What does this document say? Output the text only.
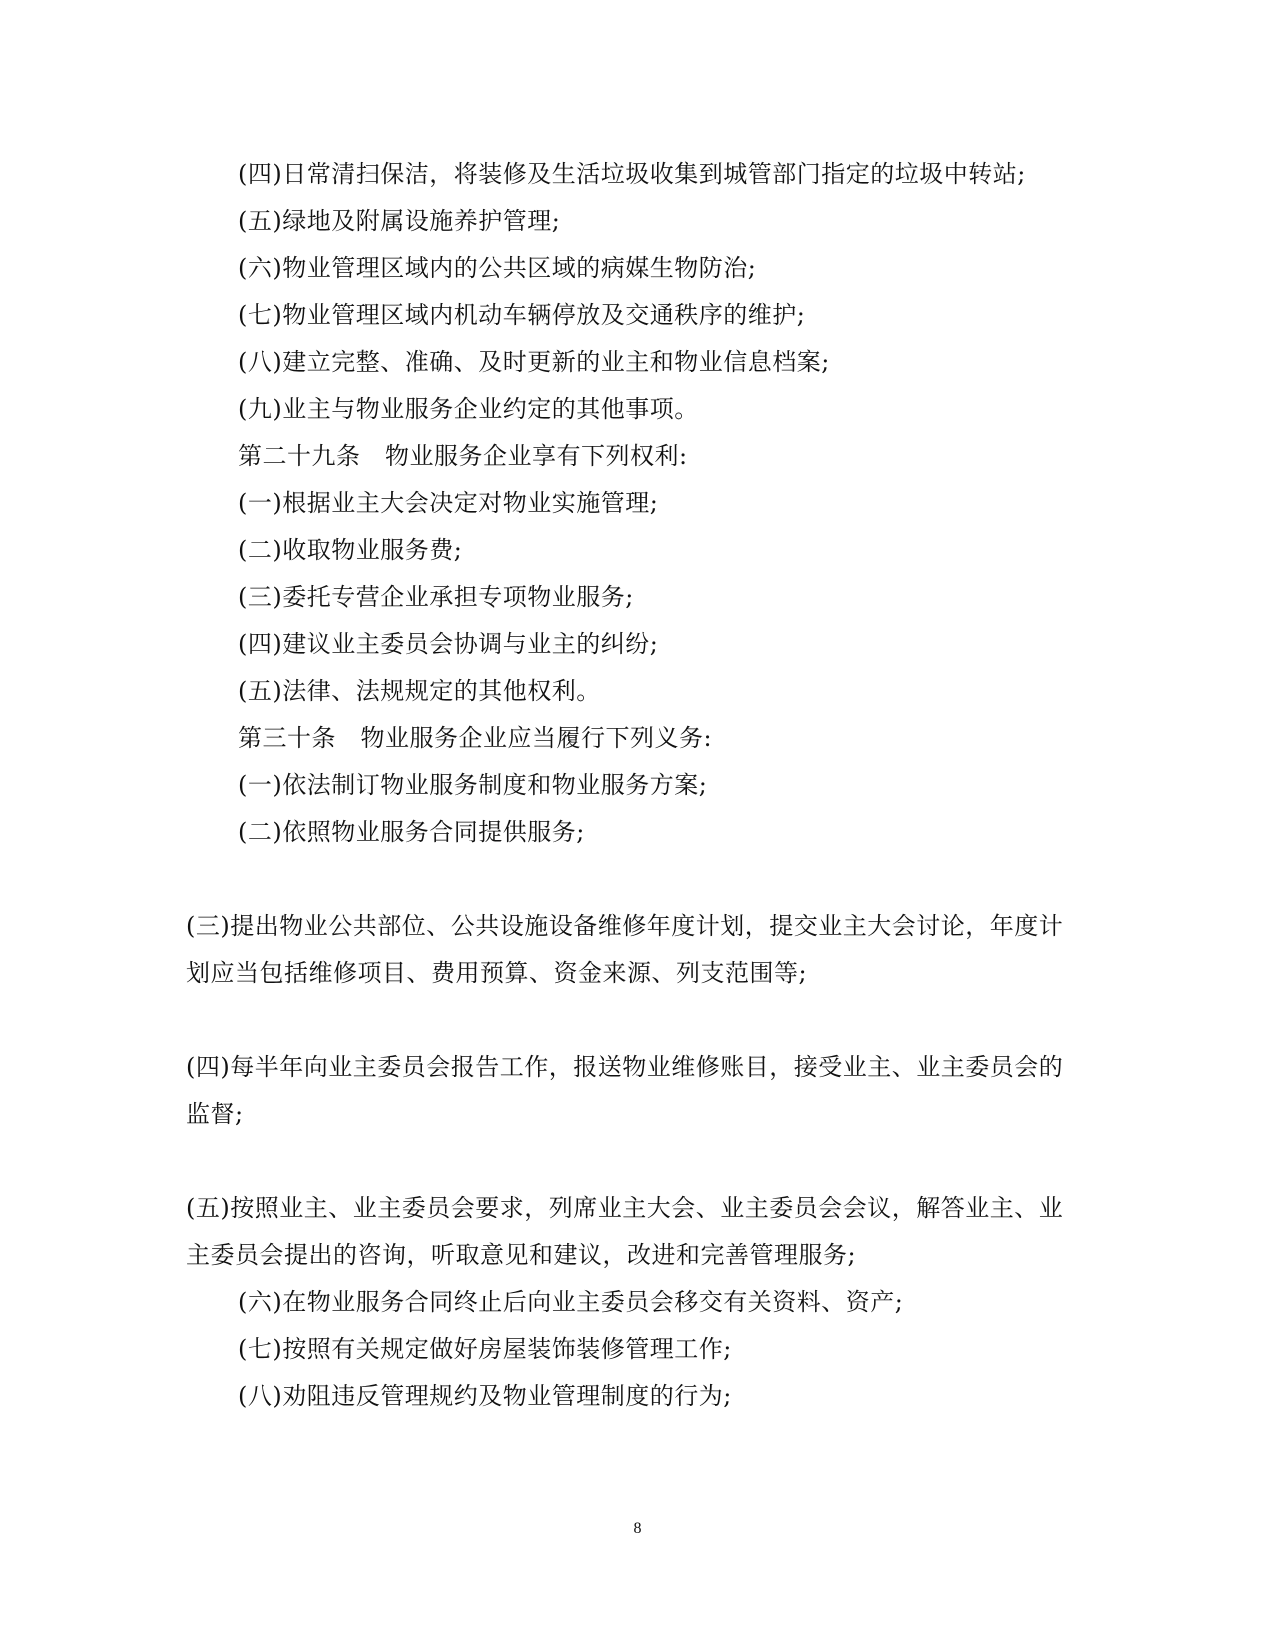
(四)日常清扫保洁，将装修及生活垃圾收集到城管部门指定的垃圾中转站;
(五)绿地及附属设施养护管理;
(六)物业管理区域内的公共区域的病媒生物防治;
(七)物业管理区域内机动车辆停放及交通秩序的维护;
(八)建立完整、准确、及时更新的业主和物业信息档案;
(九)业主与物业服务企业约定的其他事项。
第二十九条　物业服务企业享有下列权利:
(一)根据业主大会决定对物业实施管理;
(二)收取物业服务费;
(三)委托专营企业承担专项物业服务;
(四)建议业主委员会协调与业主的纠纷;
(五)法律、法规规定的其他权利。
第三十条　物业服务企业应当履行下列义务:
(一)依法制订物业服务制度和物业服务方案;
(二)依照物业服务合同提供服务;
(三)提出物业公共部位、公共设施设备维修年度计划，提交业主大会讨论，年度计
划应当包括维修项目、费用预算、资金来源、列支范围等;
(四)每半年向业主委员会报告工作，报送物业维修账目，接受业主、业主委员会的
监督;
(五)按照业主、业主委员会要求，列席业主大会、业主委员会会议，解答业主、业
主委员会提出的咨询，听取意见和建议，改进和完善管理服务;
(六)在物业服务合同终止后向业主委员会移交有关资料、资产;
(七)按照有关规定做好房屋装饰装修管理工作;
(八)劝阻违反管理规约及物业管理制度的行为;
8
